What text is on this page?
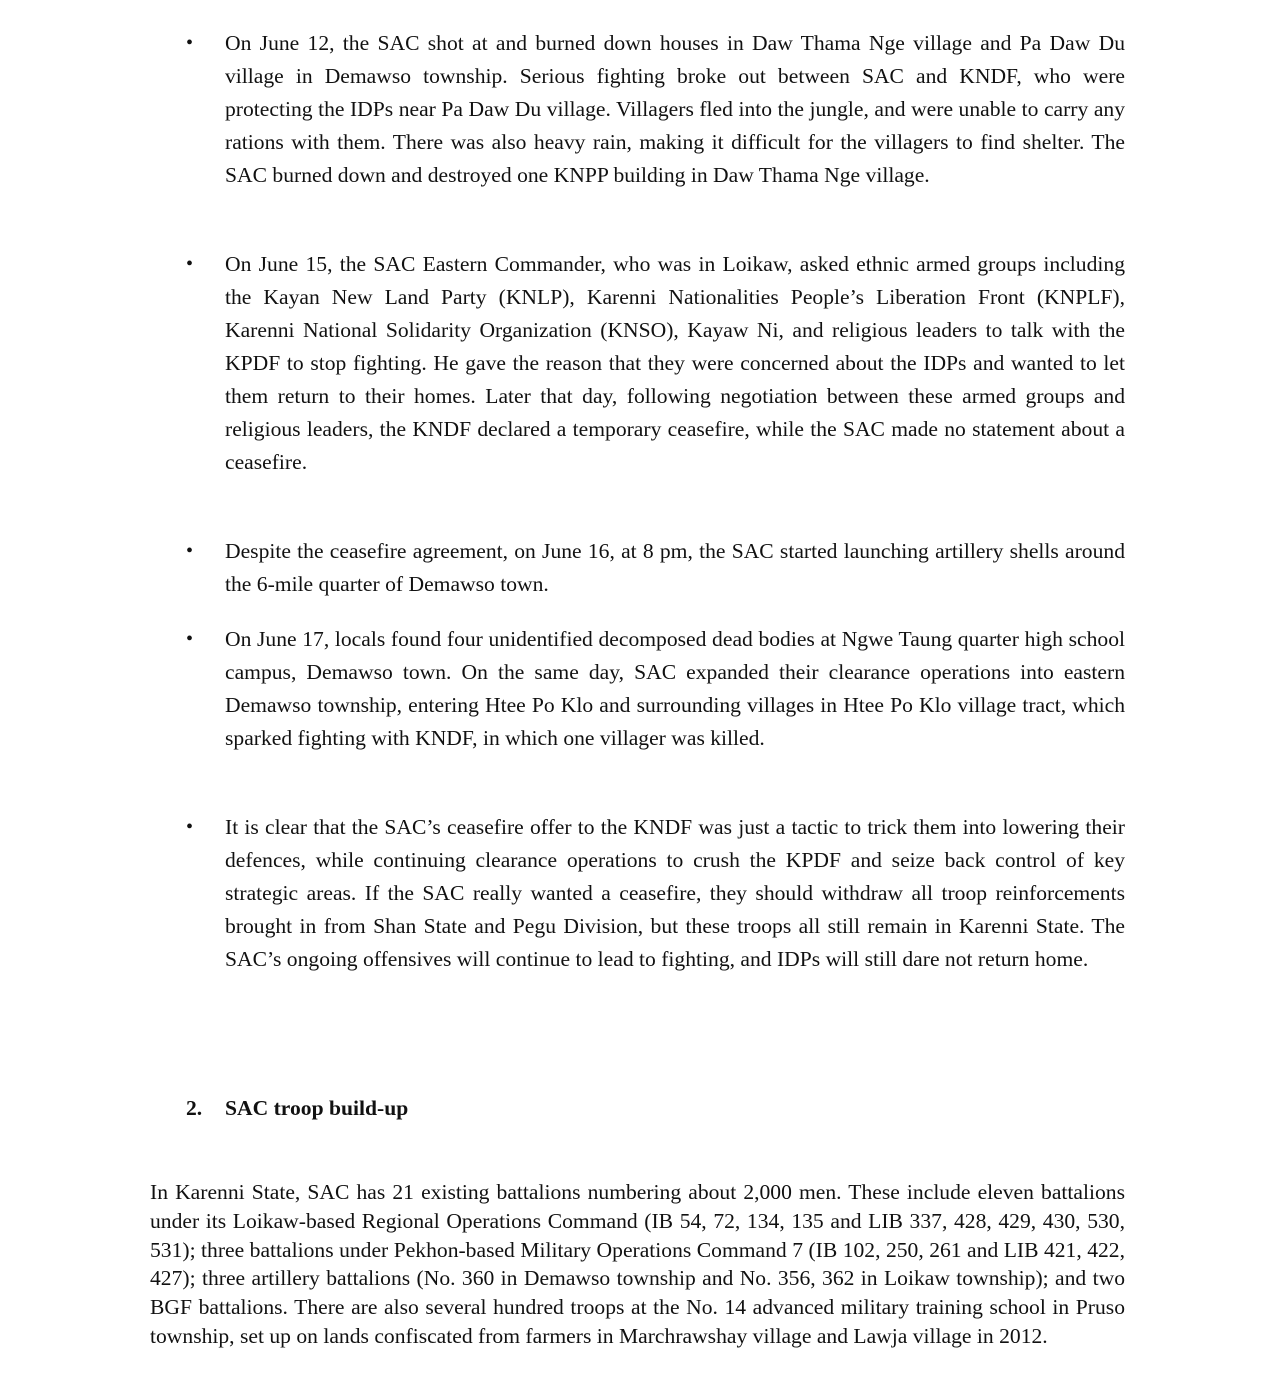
• On June 12, the SAC shot at and burned down houses in Daw Thama Nge village and Pa Daw Du village in Demawso township. Serious fighting broke out between SAC and KNDF, who were protecting the IDPs near Pa Daw Du village. Villagers fled into the jungle, and were unable to carry any rations with them. There was also heavy rain, making it difficult for the villagers to find shelter. The SAC burned down and destroyed one KNPP building in Daw Thama Nge village.

• On June 15, the SAC Eastern Commander, who was in Loikaw, asked ethnic armed groups including the Kayan New Land Party (KNLP), Karenni Nationalities People’s Liberation Front (KNPLF), Karenni National Solidarity Organization (KNSO), Kayaw Ni, and religious leaders to talk with the KPDF to stop fighting. He gave the reason that they were concerned about the IDPs and wanted to let them return to their homes. Later that day, following negotiation between these armed groups and religious leaders, the KNDF declared a temporary ceasefire, while the SAC made no statement about a ceasefire.

• Despite the ceasefire agreement, on June 16, at 8 pm, the SAC started launching artillery shells around the 6-mile quarter of Demawso town.

• On June 17, locals found four unidentified decomposed dead bodies at Ngwe Taung quarter high school campus, Demawso town. On the same day, SAC expanded their clearance operations into eastern Demawso township, entering Htee Po Klo and surrounding villages in Htee Po Klo village tract, which sparked fighting with KNDF, in which one villager was killed.

• It is clear that the SAC’s ceasefire offer to the KNDF was just a tactic to trick them into lowering their defences, while continuing clearance operations to crush the KPDF and seize back control of key strategic areas. If the SAC really wanted a ceasefire, they should withdraw all troop reinforcements brought in from Shan State and Pegu Division, but these troops all still remain in Karenni State. The SAC’s ongoing offensives will continue to lead to fighting, and IDPs will still dare not return home.

2. SAC troop build-up

In Karenni State, SAC has 21 existing battalions numbering about 2,000 men. These include eleven battalions under its Loikaw-based Regional Operations Command (IB 54, 72, 134, 135 and LIB 337, 428, 429, 430, 530, 531); three battalions under Pekhon-based Military Operations Command 7 (IB 102, 250, 261 and LIB 421, 422, 427); three artillery battalions (No. 360 in Demawso township and No. 356, 362 in Loikaw township); and two BGF battalions. There are also several hundred troops at the No. 14 advanced military training school in Pruso township, set up on lands confiscated from farmers in Marchrawshay village and Lawja village in 2012.
